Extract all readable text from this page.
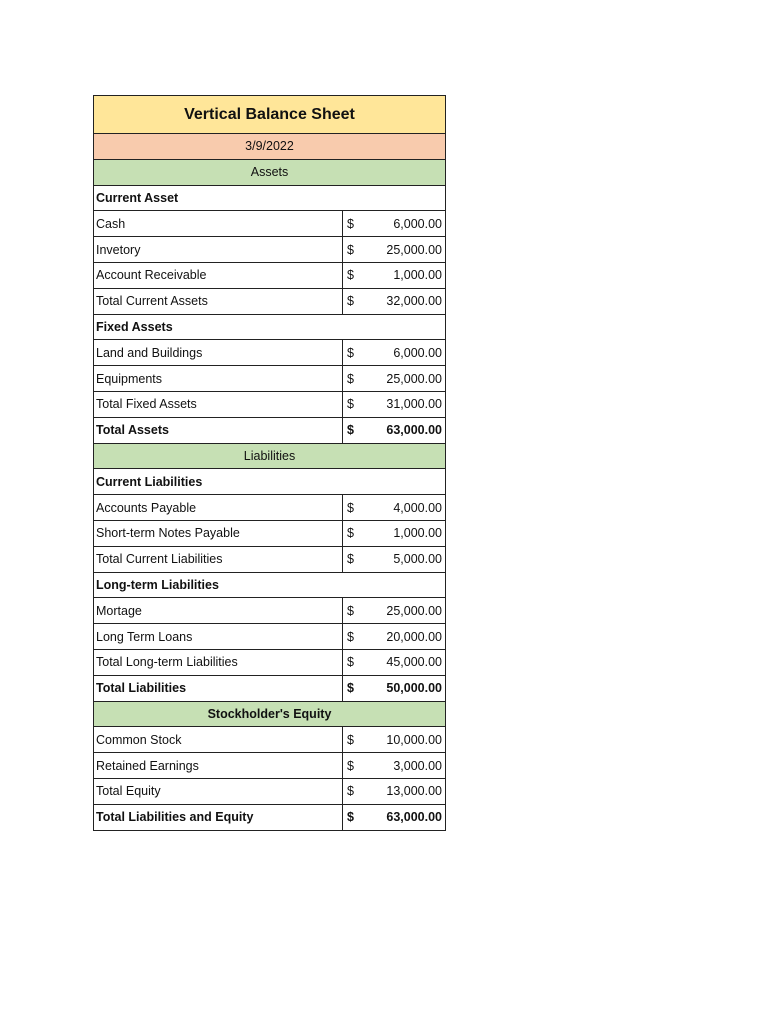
Vertical Balance Sheet
3/9/2022
Assets
Current Asset
Cash	$	6,000.00
Invetory	$	25,000.00
Account Receivable	$	1,000.00
Total Current Assets	$	32,000.00
Fixed Assets
Land and Buildings	$	6,000.00
Equipments	$	25,000.00
Total Fixed Assets	$	31,000.00
Total Assets	$	63,000.00
Liabilities
Current Liabilities
Accounts Payable	$	4,000.00
Short-term Notes Payable	$	1,000.00
Total Current Liabilities	$	5,000.00
Long-term Liabilities
Mortage	$	25,000.00
Long Term Loans	$	20,000.00
Total Long-term Liabilities	$	45,000.00
Total Liabilities	$	50,000.00
Stockholder's Equity
Common Stock	$	10,000.00
Retained Earnings	$	3,000.00
Total Equity	$	13,000.00
Total Liabilities and Equity	$	63,000.00
